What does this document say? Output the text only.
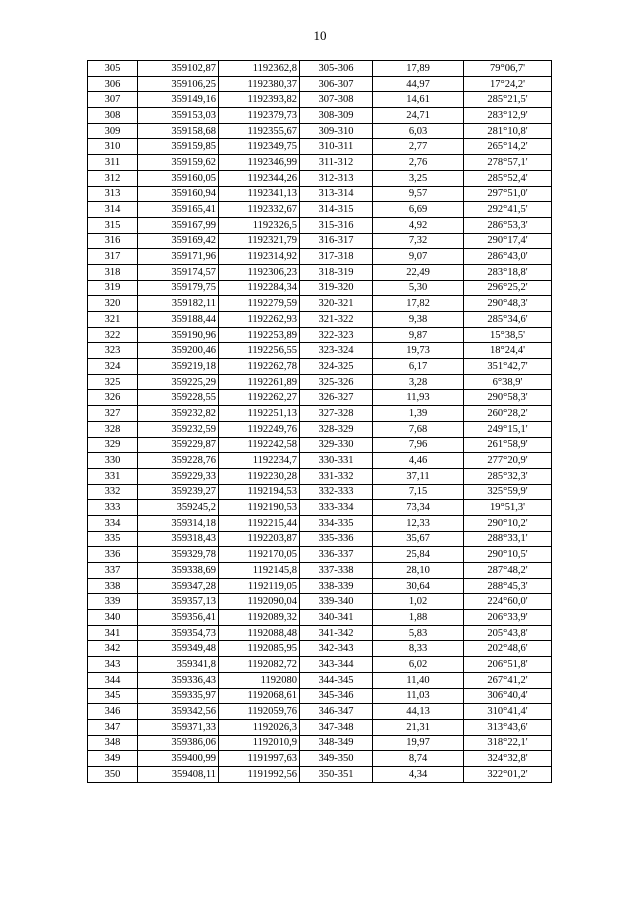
10
305	359102,87	1192362,8	305-306	17,89	79°06,7'
306	359106,25	1192380,37	306-307	44,97	17°24,2'
307	359149,16	1192393,82	307-308	14,61	285°21,5'
308	359153,03	1192379,73	308-309	24,71	283°12,9'
309	359158,68	1192355,67	309-310	6,03	281°10,8'
310	359159,85	1192349,75	310-311	2,77	265°14,2'
311	359159,62	1192346,99	311-312	2,76	278°57,1'
312	359160,05	1192344,26	312-313	3,25	285°52,4'
313	359160,94	1192341,13	313-314	9,57	297°51,0'
314	359165,41	1192332,67	314-315	6,69	292°41,5'
315	359167,99	1192326,5	315-316	4,92	286°53,3'
316	359169,42	1192321,79	316-317	7,32	290°17,4'
317	359171,96	1192314,92	317-318	9,07	286°43,0'
318	359174,57	1192306,23	318-319	22,49	283°18,8'
319	359179,75	1192284,34	319-320	5,30	296°25,2'
320	359182,11	1192279,59	320-321	17,82	290°48,3'
321	359188,44	1192262,93	321-322	9,38	285°34,6'
322	359190,96	1192253,89	322-323	9,87	15°38,5'
323	359200,46	1192256,55	323-324	19,73	18°24,4'
324	359219,18	1192262,78	324-325	6,17	351°42,7'
325	359225,29	1192261,89	325-326	3,28	6°38,9'
326	359228,55	1192262,27	326-327	11,93	290°58,3'
327	359232,82	1192251,13	327-328	1,39	260°28,2'
328	359232,59	1192249,76	328-329	7,68	249°15,1'
329	359229,87	1192242,58	329-330	7,96	261°58,9'
330	359228,76	1192234,7	330-331	4,46	277°20,9'
331	359229,33	1192230,28	331-332	37,11	285°32,3'
332	359239,27	1192194,53	332-333	7,15	325°59,9'
333	359245,2	1192190,53	333-334	73,34	19°51,3'
334	359314,18	1192215,44	334-335	12,33	290°10,2'
335	359318,43	1192203,87	335-336	35,67	288°33,1'
336	359329,78	1192170,05	336-337	25,84	290°10,5'
337	359338,69	1192145,8	337-338	28,10	287°48,2'
338	359347,28	1192119,05	338-339	30,64	288°45,3'
339	359357,13	1192090,04	339-340	1,02	224°60,0'
340	359356,41	1192089,32	340-341	1,88	206°33,9'
341	359354,73	1192088,48	341-342	5,83	205°43,8'
342	359349,48	1192085,95	342-343	8,33	202°48,6'
343	359341,8	1192082,72	343-344	6,02	206°51,8'
344	359336,43	1192080	344-345	11,40	267°41,2'
345	359335,97	1192068,61	345-346	11,03	306°40,4'
346	359342,56	1192059,76	346-347	44,13	310°41,4'
347	359371,33	1192026,3	347-348	21,31	313°43,6'
348	359386,06	1192010,9	348-349	19,97	318°22,1'
349	359400,99	1191997,63	349-350	8,74	324°32,8'
350	359408,11	1191992,56	350-351	4,34	322°01,2'
